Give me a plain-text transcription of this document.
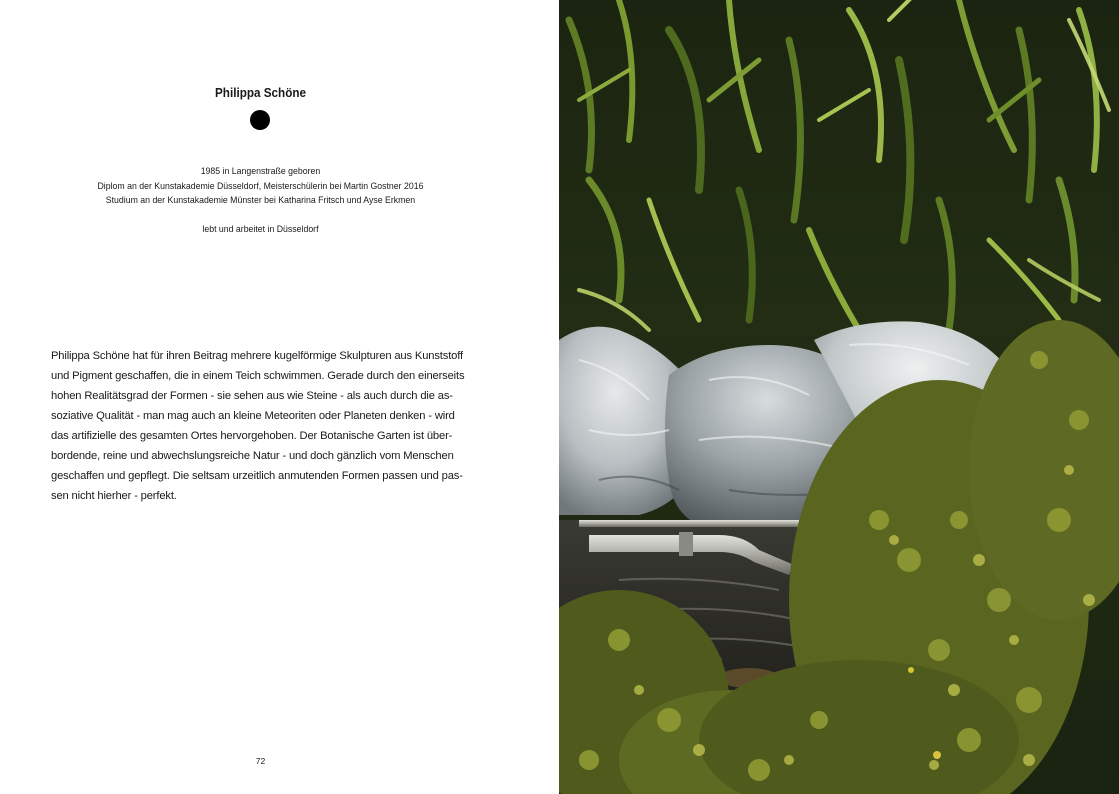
Philippa Schöne
1985 in Langenstraße geboren
Diplom an der Kunstakademie Düsseldorf, Meisterschülerin bei Martin Gostner 2016
Studium an der Kunstakademie Münster bei Katharina Fritsch und Ayse Erkmen
lebt und arbeitet in Düsseldorf
Philippa Schöne hat für ihren Beitrag mehrere kugelförmige Skulpturen aus Kunststoff
und Pigment geschaffen, die in einem Teich schwimmen. Gerade durch den einerseits
hohen Realitätsgrad der Formen - sie sehen aus wie Steine - als auch durch die as-
soziative Qualität - man mag auch an kleine Meteoriten oder Planeten denken - wird
das artifizielle des gesamten Ortes hervorgehoben. Der Botanische Garten ist über-
bordende, reine und abwechslungsreiche Natur - und doch gänzlich vom Menschen
geschaffen und gepflegt. Die seltsam urzeitlich anmutenden Formen passen und pas-
sen nicht hierher - perfekt.
72
